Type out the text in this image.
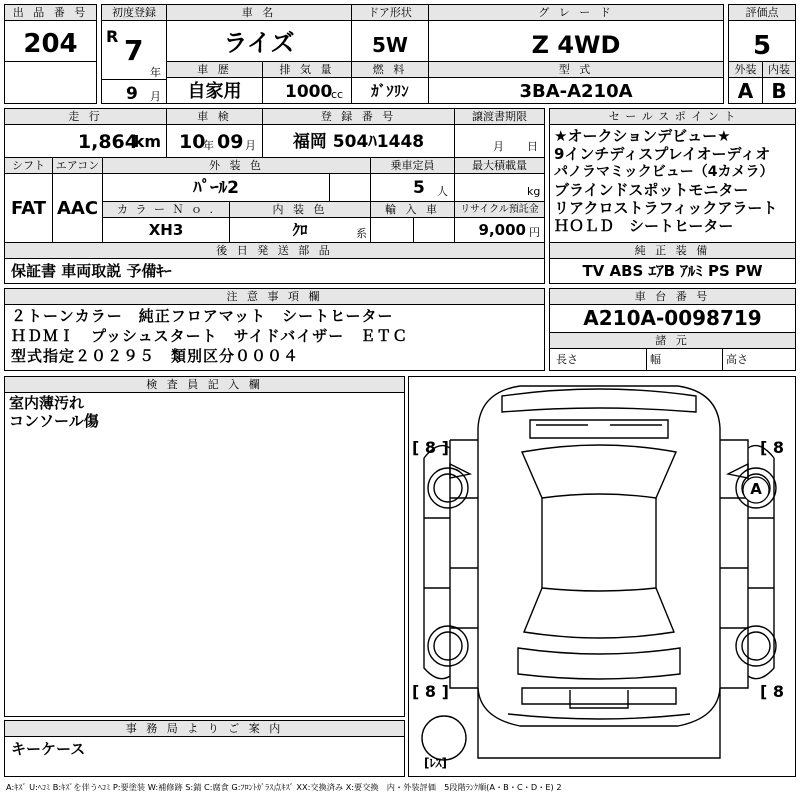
出 品 番 号
204
初度登録
R 7
年
9 月
車 名
ライズ
ドア形状
5W
グ レ ー ド
Z 4WD
評価点
5
車 歴
自家用
排 気 量
1000
cc
燃 料
ｶﾞｿﾘﾝ
型 式
3BA-A210A
外装
A
内装
B
走 行
1,864
km
車 検
10
年 09 月
登 録 番 号
福岡 504ﾊ1448
譲渡書期限
月 日
シフト
FAT
エアコン
AAC
外 装 色
ﾊﾟｰﾙ2
乗車定員
5 人
最大積載量
kg
カ ラ ー Ｎ ｏ .
XH3
内 装 色
ｸﾛ	系
輸 入 車	リサイクル預託金
9,000 円
セ ー ル ス ポ イ ン ト
★オークションデビュー★
9インチディスプレイオーディオ
パノラマミックビュー（4カメラ）
ブラインドスポットモニター
リアクロストラフィックアラート
ＨＯＬＤ　シートヒーター
後 日 発 送 部 品
保証書 車両取説 予備ｷｰ
純 正 装 備
TV ABS ｴｱB ｱﾙﾐ PS PW
注 意 事 項 欄
２トーンカラー　純正フロアマット　シートヒーター
ＨＤＭＩ　プッシュスタート　サイドバイザー　ＥＴＣ
型式指定２０２９５　類別区分０００４
車 台 番 号
A210A-0098719
諸 元
長さ	幅	高さ
検 査 員 記 入 欄
室内薄汚れ
コンソール傷
事 務 局 よ り ご 案 内
キーケース
[ 8 ]	[ 8
[ 8 ]	[ 8
A
[ﾚｽ]
A:ｷｽﾞ U:ﾍｺﾐ B:ｷｽﾞを伴うﾍｺﾐ P:要塗装 W:補修跡 S:錆 C:腐食 G:ﾌﾛﾝﾄｶﾞﾗｽ点ｷｽﾞ XX:交換済み X:要交換　内・外装評価　5段階ﾗﾝｸ順(A・B・C・D・E) 2
